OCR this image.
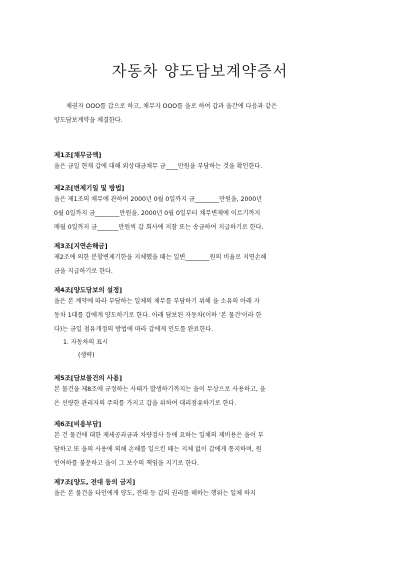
자동차 양도담보계약증서
채권자 OOO를 갑으로 하고, 채무자 OOO를 을로 하여 갑과 을간에 다음과 같은
양도담보계약을 체결한다.
제1조[채무금액]
을은 금일 현재 갑에 대해 외상대금채무 금____만원을 부담하는 것을 확인한다.
제2조[변제기일 및 방법]
을은 제1조의 채무에 관하여 2000년 0월 0일까지 금________만원을, 2000년
0월 0일까지 금________만원을, 2000년 0월 0일부터 채무변제에 이르기까지
매월 0일까지 금_______만원씩 갑 회사에 지참 또는 송금하여 지급하기로 한다.
제3조[지연손해금]
제2조에 의한 분할변제기한을 지체했을 때는 일변________원의 비율로 지연손해
금을 지급하기로 한다.
제4조[양도담보의 설정]
을은 본 계약에 따라 부담하는 일체의 채무를 부담하기 위해 을 소유의 아래 자
동차 1대를 갑에게 양도하기로 한다. 아래 담보된 자동차(이하 '본 물건'이라 한
다)는 금일 점유개정의 방법에 따라 갑에게 인도를 완료한다.
1. 자동차의 표시
(생략)
제5조[담보물건의 사용]
본 물건을 제8조에 규정하는 사태가 발생하기까지는 을이 무상으로 사용하고, 을
은 선량한 관리자의 주의를 가지고 갑을 위하여 대리점유하기로 한다.
제6조[비용부담]
본 건 물건에 대한 제세공과금과 차량검사 등에 요하는 일체의 제비용은 을이 부
담하고 또 을의 사용에 의해 손해를 일으킨 때는 지체 없이 갑에게 통지하며, 원
인여하를 불문하고 을이 그 보수의 책임을 지기로 한다.
제7조[양도, 전대 등의 금지]
을은 본 물건을 타인에게 양도, 전대 등 갑의 권리를 해하는 행위는 일체 하지
